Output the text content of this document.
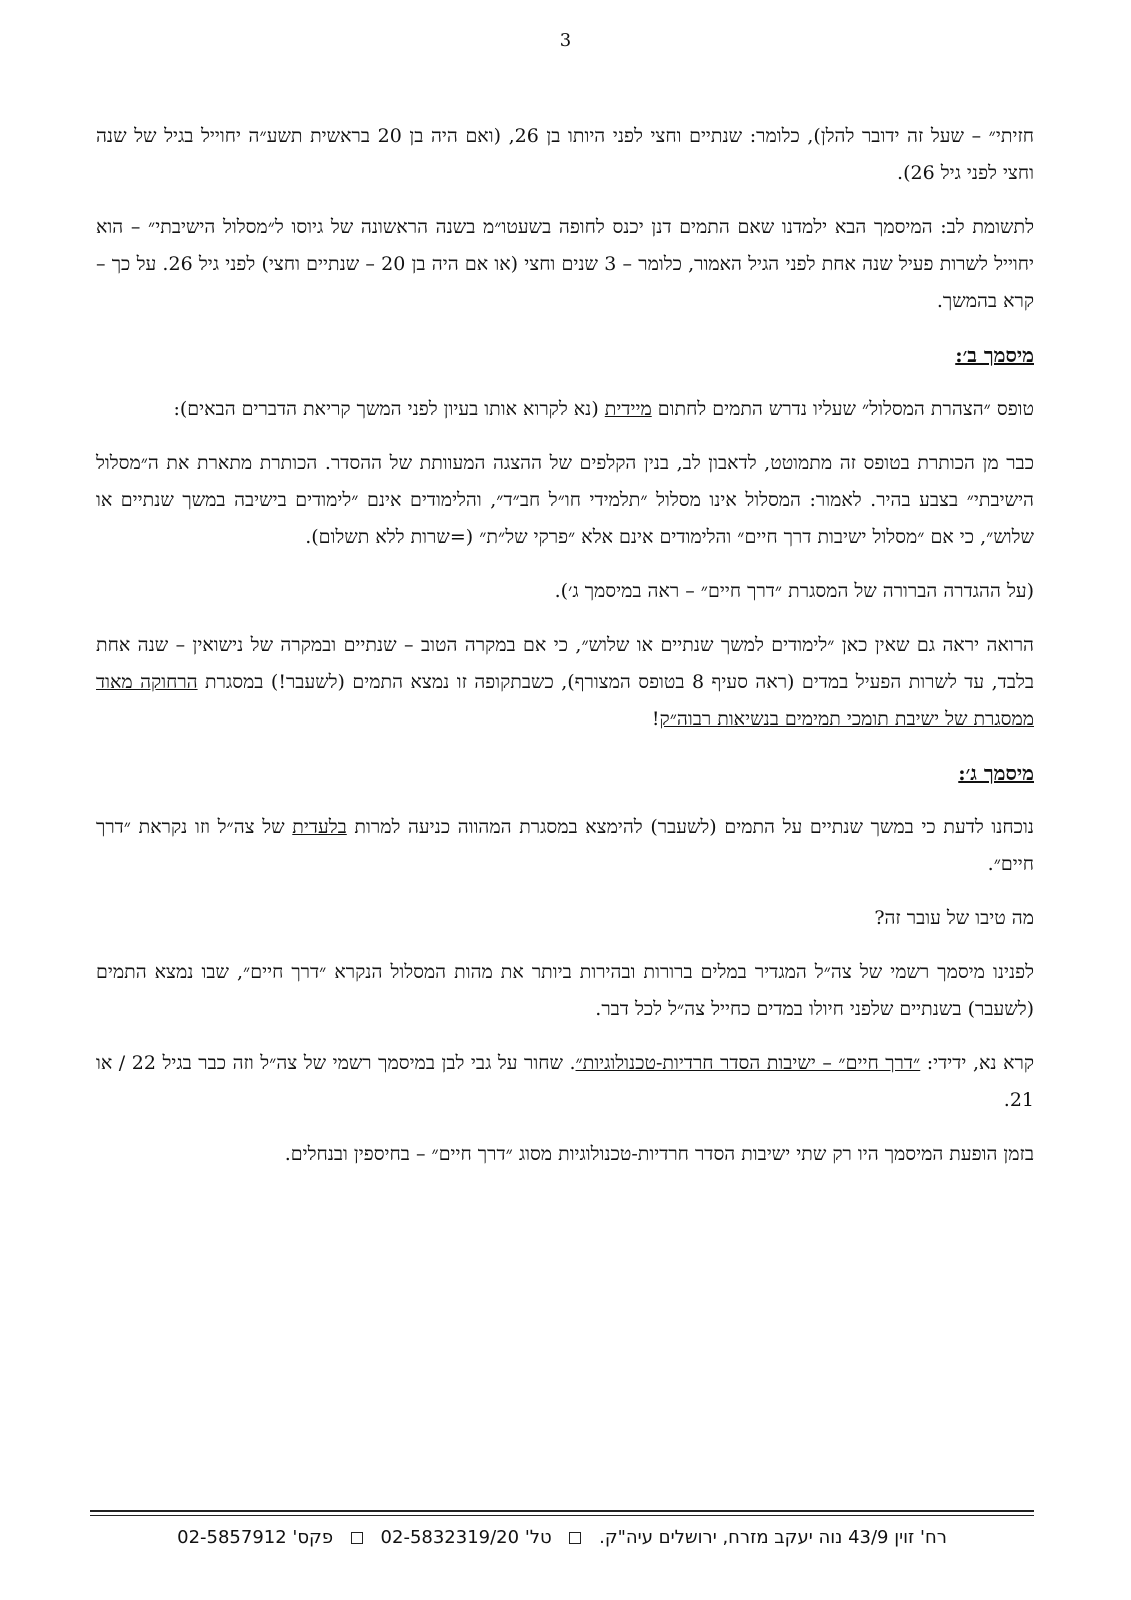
3

חזיתי״ – שעל זה ידובר להלן), כלומר: שנתיים וחצי לפני היותו בן 26, (ואם היה בן 20 בראשית תשע״ה יחוייל בגיל של שנה וחצי לפני גיל 26).

לתשומת לב: המיסמך הבא ילמדנו שאם התמים דנן יכנס לחופה בשעטו״מ בשנה הראשונה של גיוסו ל״מסלול הישיבתי״ – הוא יחוייל לשרות פעיל שנה אחת לפני הגיל האמור, כלומר – 3 שנים וחצי (או אם היה בן 20 – שנתיים וחצי) לפני גיל 26. על כך – קרא בהמשך.

מיסמך ב׳:

טופס ״הצהרת המסלול״ שעליו נדרש התמים לחתום מיידית (נא לקרוא אותו בעיון לפני המשך קריאת הדברים הבאים):

כבר מן הכותרת בטופס זה מתמוטט, לדאבון לב, בנין הקלפים של ההצגה המעוותת של ההסדר. הכותרת מתארת את ה״מסלול הישיבתי״ בצבע בהיר. לאמור: המסלול אינו מסלול ״תלמידי חו״ל חב״ד״, והלימודים אינם ״לימודים בישיבה במשך שנתיים או שלוש״, כי אם ״מסלול ישיבות דרך חיים״ והלימודים אינם אלא ״פרקי של״ת״ (=שרות ללא תשלום).

(על ההגדרה הברורה של המסגרת ״דרך חיים״ – ראה במיסמך ג׳).

הרואה יראה גם שאין כאן ״לימודים למשך שנתיים או שלוש״, כי אם במקרה הטוב – שנתיים ובמקרה של נישואין – שנה אחת בלבד, עד לשרות הפעיל במדים (ראה סעיף 8 בטופס המצורף), כשבתקופה זו נמצא התמים (לשעבר!) במסגרת הרחוקה מאוד ממסגרת של ישיבת תומכי תמימים בנשיאות רבוה״ק!

מיסמך ג׳:

נוכחנו לדעת כי במשך שנתיים על התמים (לשעבר) להימצא במסגרת המהווה כניעה למרות בלעדית של צה״ל וזו נקראת ״דרך חיים״.

מה טיבו של עובר זה?

לפנינו מיסמך רשמי של צה״ל המגדיר במלים ברורות ובהירות ביותר את מהות המסלול הנקרא ״דרך חיים״, שבו נמצא התמים (לשעבר) בשנתיים שלפני חיולו במדים כחייל צה״ל לכל דבר.

קרא נא, ידידי: ״דרך חיים״ – ישיבות הסדר חרדיות-טכנולוגיות״. שחור על גבי לבן במיסמך רשמי של צה״ל וזה כבר בגיל 22 / או 21.

בזמן הופעת המיסמך היו רק שתי ישיבות הסדר חרדיות-טכנולוגיות מסוג ״דרך חיים״ – בחיספין ובנחלים.

רח' זוין 43/9 נוה יעקב מזרח, ירושלים עיה"ק.  טל' 02-5832319/20  פקס' 02-5857912
